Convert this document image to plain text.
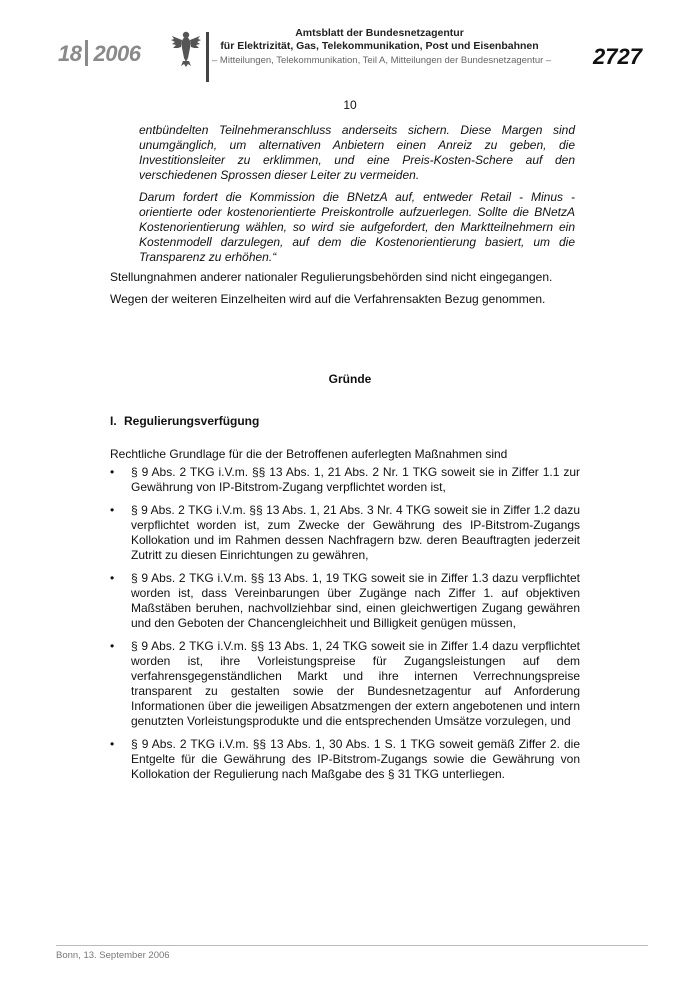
18 2006
Amtsblatt der Bundesnetzagentur
für Elektrizität, Gas, Telekommunikation, Post und Eisenbahnen
– Mitteilungen, Telekommunikation, Teil A, Mitteilungen der Bundesnetzagentur – 2727
10

entbündelten Teilnehmeranschluss anderseits sichern. Diese Margen sind unumgänglich, um alternativen Anbietern einen Anreiz zu geben, die Investitionsleiter zu erklimmen, und eine Preis-Kosten-Schere auf den verschiedenen Sprossen dieser Leiter zu vermeiden.

Darum fordert die Kommission die BNetzA auf, entweder Retail - Minus -orientierte oder kostenorientierte Preiskontrolle aufzuerlegen. Sollte die BNetzA Kostenorientierung wählen, so wird sie aufgefordert, den Marktteilnehmern ein Kostenmodell darzulegen, auf dem die Kostenorientierung basiert, um die Transparenz zu erhöhen.“

Stellungnahmen anderer nationaler Regulierungsbehörden sind nicht eingegangen.

Wegen der weiteren Einzelheiten wird auf die Verfahrensakten Bezug genommen.

Gründe
I. Regulierungsverfügung
Rechtliche Grundlage für die der Betroffenen auferlegten Maßnahmen sind
• § 9 Abs. 2 TKG i.V.m. §§ 13 Abs. 1, 21 Abs. 2 Nr. 1 TKG soweit sie in Ziffer 1.1 zur Gewährung von IP-Bitstrom-Zugang verpflichtet worden ist,
• § 9 Abs. 2 TKG i.V.m. §§ 13 Abs. 1, 21 Abs. 3 Nr. 4 TKG soweit sie in Ziffer 1.2 dazu verpflichtet worden ist, zum Zwecke der Gewährung des IP-Bitstrom-Zugangs Kollokation und im Rahmen dessen Nachfragern bzw. deren Beauftragten jederzeit Zutritt zu diesen Einrichtungen zu gewähren,
• § 9 Abs. 2 TKG i.V.m. §§ 13 Abs. 1, 19 TKG soweit sie in Ziffer 1.3 dazu verpflichtet worden ist, dass Vereinbarungen über Zugänge nach Ziffer 1. auf objektiven Maßstäben beruhen, nachvollziehbar sind, einen gleichwertigen Zugang gewähren und den Geboten der Chancengleichheit und Billigkeit genügen müssen,
• § 9 Abs. 2 TKG i.V.m. §§ 13 Abs. 1, 24 TKG soweit sie in Ziffer 1.4 dazu verpflichtet worden ist, ihre Vorleistungspreise für Zugangsleistungen auf dem verfahrensgegenständlichen Markt und ihre internen Verrechnungspreise transparent zu gestalten sowie der Bundesnetzagentur auf Anforderung Informationen über die jeweiligen Absatzmengen der extern angebotenen und intern genutzten Vorleistungsprodukte und die entsprechenden Umsätze vorzulegen, und
• § 9 Abs. 2 TKG i.V.m. §§ 13 Abs. 1, 30 Abs. 1 S. 1 TKG soweit gemäß Ziffer 2. die Entgelte für die Gewährung des IP-Bitstrom-Zugangs sowie die Gewährung von Kollokation der Regulierung nach Maßgabe des § 31 TKG unterliegen.
Bonn, 13. September 2006
